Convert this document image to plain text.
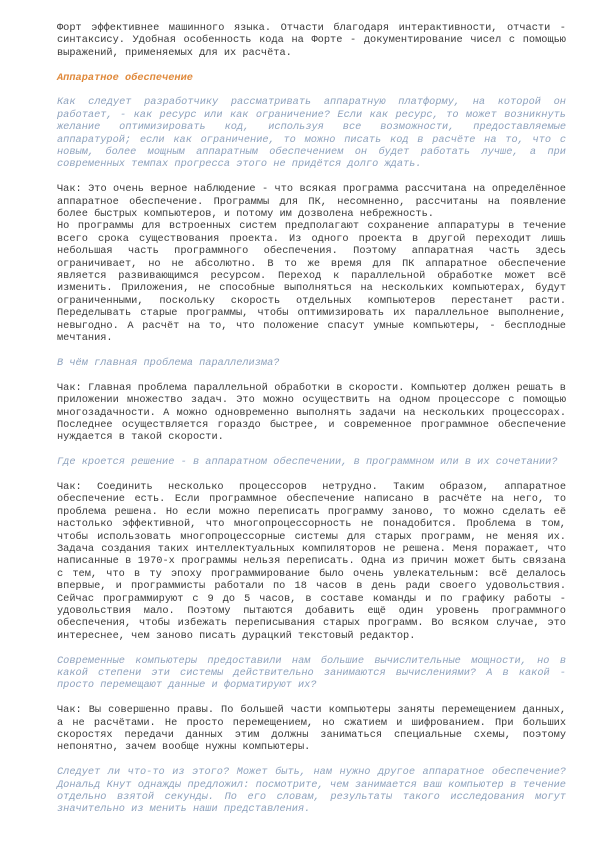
Форт эффективнее машинного языка. Отчасти благодаря интерактивности, отчасти - синтаксису. Удобная особенность кода на Форте - документирование чисел с помощью выражений, применяемых для их расчёта.

Аппаратное обеспечение

Как следует разработчику рассматривать аппаратную платформу, на которой он работает, - как ресурс или как ограничение? Если как ресурс, то может возникнуть желание оптимизировать код, используя все возможности, предоставляемые аппаратурой; если как ограничение, то можно писать код в расчёте на то, что с новым, более мощным аппаратным обеспечением он будет работать лучше, а при современных темпах прогресса этого не придётся долго ждать.

Чак: Это очень верное наблюдение - что всякая программа рассчитана на определённое аппаратное обеспечение. Программы для ПК, несомненно, рассчитаны на появление более быстрых компьютеров, и потому им дозволена небрежность.

Но программы для встроенных систем предполагают сохранение аппаратуры в течение всего срока существования проекта. Из одного проекта в другой переходит лишь небольшая часть программного обеспечения. Поэтому аппаратная часть здесь ограничивает, но не абсолютно. В то же время для ПК аппаратное обеспечение является развивающимся ресурсом. Переход к параллельной обработке может всё изменить. Приложения, не способные выполняться на нескольких компьютерах, будут ограниченными, поскольку скорость отдельных компьютеров перестанет расти. Переделывать старые программы, чтобы оптимизировать их параллельное выполнение, невыгодно. А расчёт на то, что положение спасут умные компьютеры, - бесплодные мечтания.

В чём главная проблема параллелизма?

Чак: Главная проблема параллельной обработки в скорости. Компьютер должен решать в приложении множество задач. Это можно осуществить на одном процессоре с помощью многозадачности. А можно одновременно выполнять задачи на нескольких процессорах. Последнее осуществляется гораздо быстрее, и современное программное обеспечение нуждается в такой скорости.

Где кроется решение - в аппаратном обеспечении, в программном или в их сочетании?

Чак: Соединить несколько процессоров нетрудно. Таким образом, аппаратное обеспечение есть. Если программное обеспечение написано в расчёте на него, то проблема решена. Но если можно переписать программу заново, то можно сделать её настолько эффективной, что многопроцессорность не понадобится. Проблема в том, чтобы использовать многопроцессорные системы для старых программ, не меняя их. Задача создания таких интеллектуальных компиляторов не решена. Меня поражает, что написанные в 1970-х программы нельзя переписать. Одна из причин может быть связана с тем, что в ту эпоху программирование было очень увлекательным: всё делалось впервые, и программисты работали по 18 часов в день ради своего удовольствия. Сейчас программируют с 9 до 5 часов, в составе команды и по графику работы - удовольствия мало. Поэтому пытаются добавить ещё один уровень программного обеспечения, чтобы избежать переписывания старых программ. Во всяком случае, это интереснее, чем заново писать дурацкий текстовый редактор.

Современные компьютеры предоставили нам большие вычислительные мощности, но в какой степени эти системы действительно занимаются вычислениями? А в какой - просто перемещают данные и форматируют их?

Чак: Вы совершенно правы. По большей части компьютеры заняты перемещением данных, а не расчётами. Не просто перемещением, но сжатием и шифрованием. При больших скоростях передачи данных этим должны заниматься специальные схемы, поэтому непонятно, зачем вообще нужны компьютеры.

Следует ли что-то из этого? Может быть, нам нужно другое аппаратное обеспечение? Дональд Кнут однажды предложил: посмотрите, чем занимается ваш компьютер в течение отдельно взятой секунды. По его словам, результаты такого исследования могут значительно из менить наши представления.
